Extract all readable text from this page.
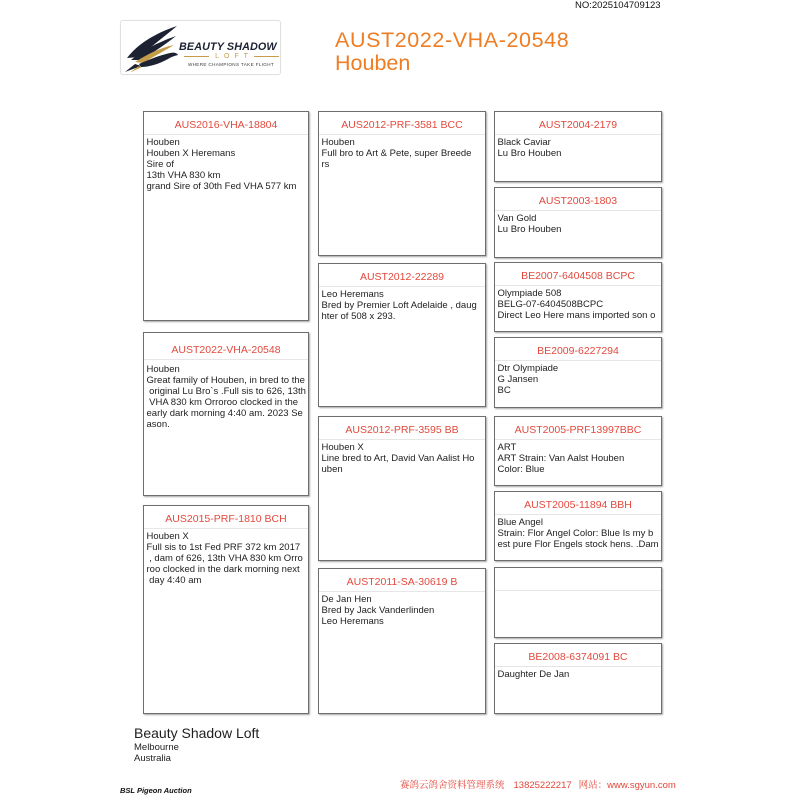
NO:2025104709123
BEAUTY SHADOW
LOFT
WHERE CHAMPIONS TAKE FLIGHT
AUST2022-VHA-20548
Houben
AUS2016-VHA-18804
Houben
Houben X Heremans
Sire of
13th VHA 830 km
grand Sire of 30th Fed VHA 577 km
AUST2022-VHA-20548
Houben
Great family of Houben, in bred to the
original Lu Bro`s .Full sis to 626, 13th
VHA 830 km Orroroo clocked in the
early dark morning 4:40 am. 2023 Se
ason.
AUS2015-PRF-1810 BCH
Houben X
Full sis to 1st Fed PRF 372 km 2017
, dam of 626, 13th VHA 830 km Orro
roo clocked in the dark morning next
day 4:40 am
AUS2012-PRF-3581 BCC
Houben
Full bro to Art & Pete, super Breede
rs
AUST2012-22289
Leo Heremans
Bred by Premier Loft Adelaide , daug
hter of 508 x 293.
AUS2012-PRF-3595 BB
Houben X
Line bred to Art, David Van Aalist Ho
uben
AUST2011-SA-30619 B
De Jan Hen
Bred by Jack Vanderlinden
Leo Heremans
AUST2004-2179
Black Caviar
Lu Bro Houben
AUST2003-1803
Van Gold
Lu Bro Houben
BE2007-6404508 BCPC
Olympiade 508
BELG-07-6404508BCPC
Direct Leo Here mans imported son o
BE2009-6227294
Dtr Olympiade
G Jansen
BC
AUST2005-PRF13997BBC
ART
ART Strain: Van Aalst Houben
Color: Blue
AUST2005-11894 BBH
Blue Angel
Strain: Flor Angel Color: Blue Is my b
est pure Flor Engels stock hens. .Dam
BE2008-6374091 BC
Daughter De Jan
Beauty Shadow Loft
Melbourne
Australia
赛鸽云鸽舍资料管理系统 13825222217 网站：www.sgyun.com
BSL Pigeon Auction
